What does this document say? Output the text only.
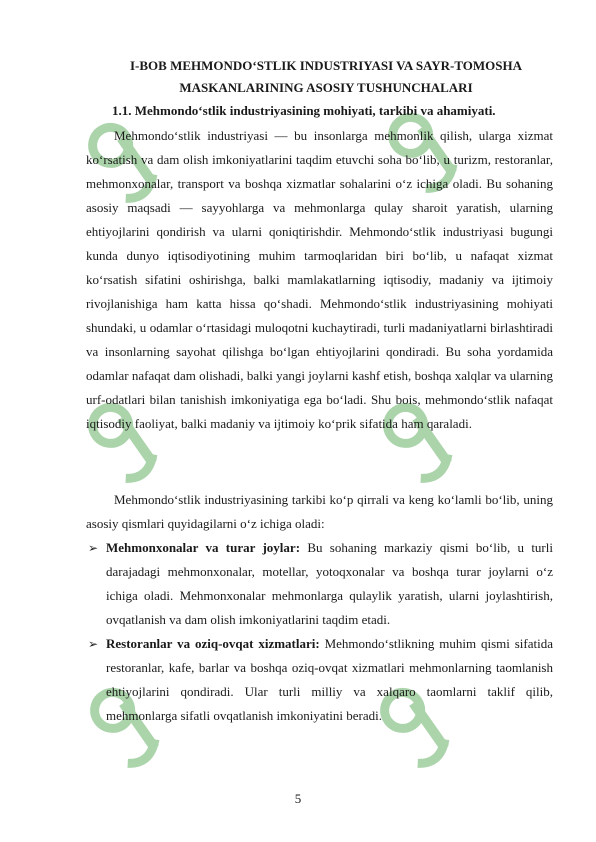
I-BOB MEHMONDO‘STLIK INDUSTRIYASI VA SAYR-TOMOSHA
MASKANLARINING ASOSIY TUSHUNCHALARI
1.1. Mehmondo‘stlik industriyasining mohiyati, tarkibi va ahamiyati.

Mehmondo‘stlik industriyasi — bu insonlarga mehmonlik qilish, ularga xizmat ko‘rsatish va dam olish imkoniyatlarini taqdim etuvchi soha bo‘lib, u turizm, restoranlar, mehmonxonalar, transport va boshqa xizmatlar sohalarini o‘z ichiga oladi. Bu sohaning asosiy maqsadi — sayyohlarga va mehmonlarga qulay sharoit yaratish, ularning ehtiyojlarini qondirish va ularni qoniqtirishdir. Mehmondo‘stlik industriyasi bugungi kunda dunyo iqtisodiyotining muhim tarmoqlaridan biri bo‘lib, u nafaqat xizmat ko‘rsatish sifatini oshirishga, balki mamlakatlarning iqtisodiy, madaniy va ijtimoiy rivojlanishiga ham katta hissa qo‘shadi. Mehmondo‘stlik industriyasining mohiyati shundaki, u odamlar o‘rtasidagi muloqotni kuchaytiradi, turli madaniyatlarni birlashtiradi va insonlarning sayohat qilishga bo‘lgan ehtiyojlarini qondiradi. Bu soha yordamida odamlar nafaqat dam olishadi, balki yangi joylarni kashf etish, boshqa xalqlar va ularning urf-odatlari bilan tanishish imkoniyatiga ega bo‘ladi. Shu bois, mehmondo‘stlik nafaqat iqtisodiy faoliyat, balki madaniy va ijtimoiy ko‘prik sifatida ham qaraladi.

Mehmondo‘stlik industriyasining tarkibi ko‘p qirrali va keng ko‘lamli bo‘lib, uning asosiy qismlari quyidagilarni o‘z ichiga oladi:

➢ Mehmonxonalar va turar joylar: Bu sohaning markaziy qismi bo‘lib, u turli darajadagi mehmonxonalar, motellar, yotoqxonalar va boshqa turar joylarni o‘z ichiga oladi. Mehmonxonalar mehmonlarga qulaylik yaratish, ularni joylashtirish, ovqatlanish va dam olish imkoniyatlarini taqdim etadi.
➢ Restoranlar va oziq-ovqat xizmatlari: Mehmondo‘stlikning muhim qismi sifatida restoranlar, kafe, barlar va boshqa oziq-ovqat xizmatlari mehmonlarning taomlanish ehtiyojlarini qondiradi. Ular turli milliy va xalqaro taomlarni taklif qilib, mehmonlarga sifatli ovqatlanish imkoniyatini beradi.
5
